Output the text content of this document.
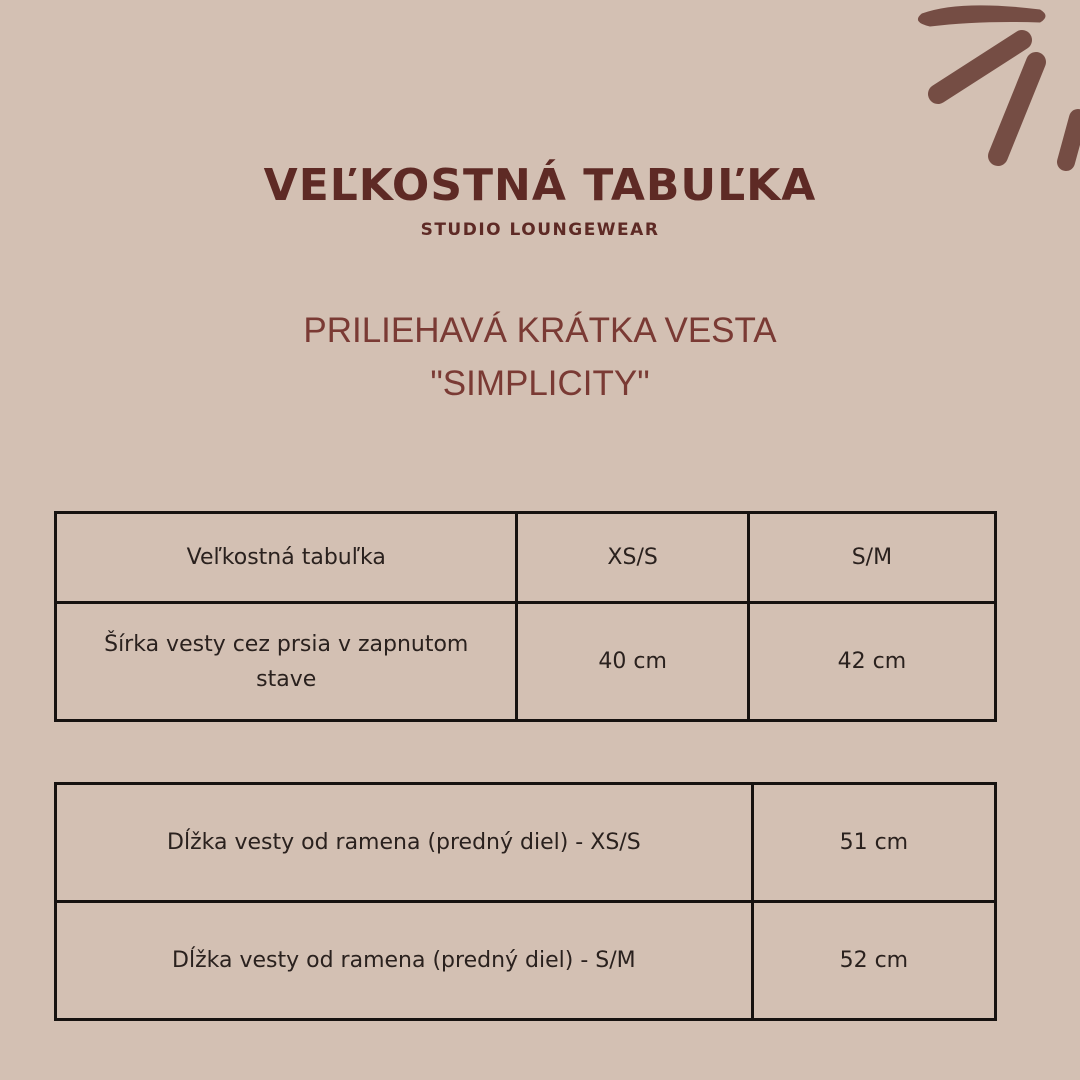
VEĽKOSTNÁ TABUĽKA
STUDIO LOUNGEWEAR
PRILIEHAVÁ KRÁTKA VESTA
"SIMPLICITY"
Veľkostná tabuľka	XS/S	S/M
Šírka vesty cez prsia v zapnutom stave	40 cm	42 cm
Dĺžka vesty od ramena (predný diel) - XS/S	51 cm
Dĺžka vesty od ramena (predný diel) - S/M	52 cm
